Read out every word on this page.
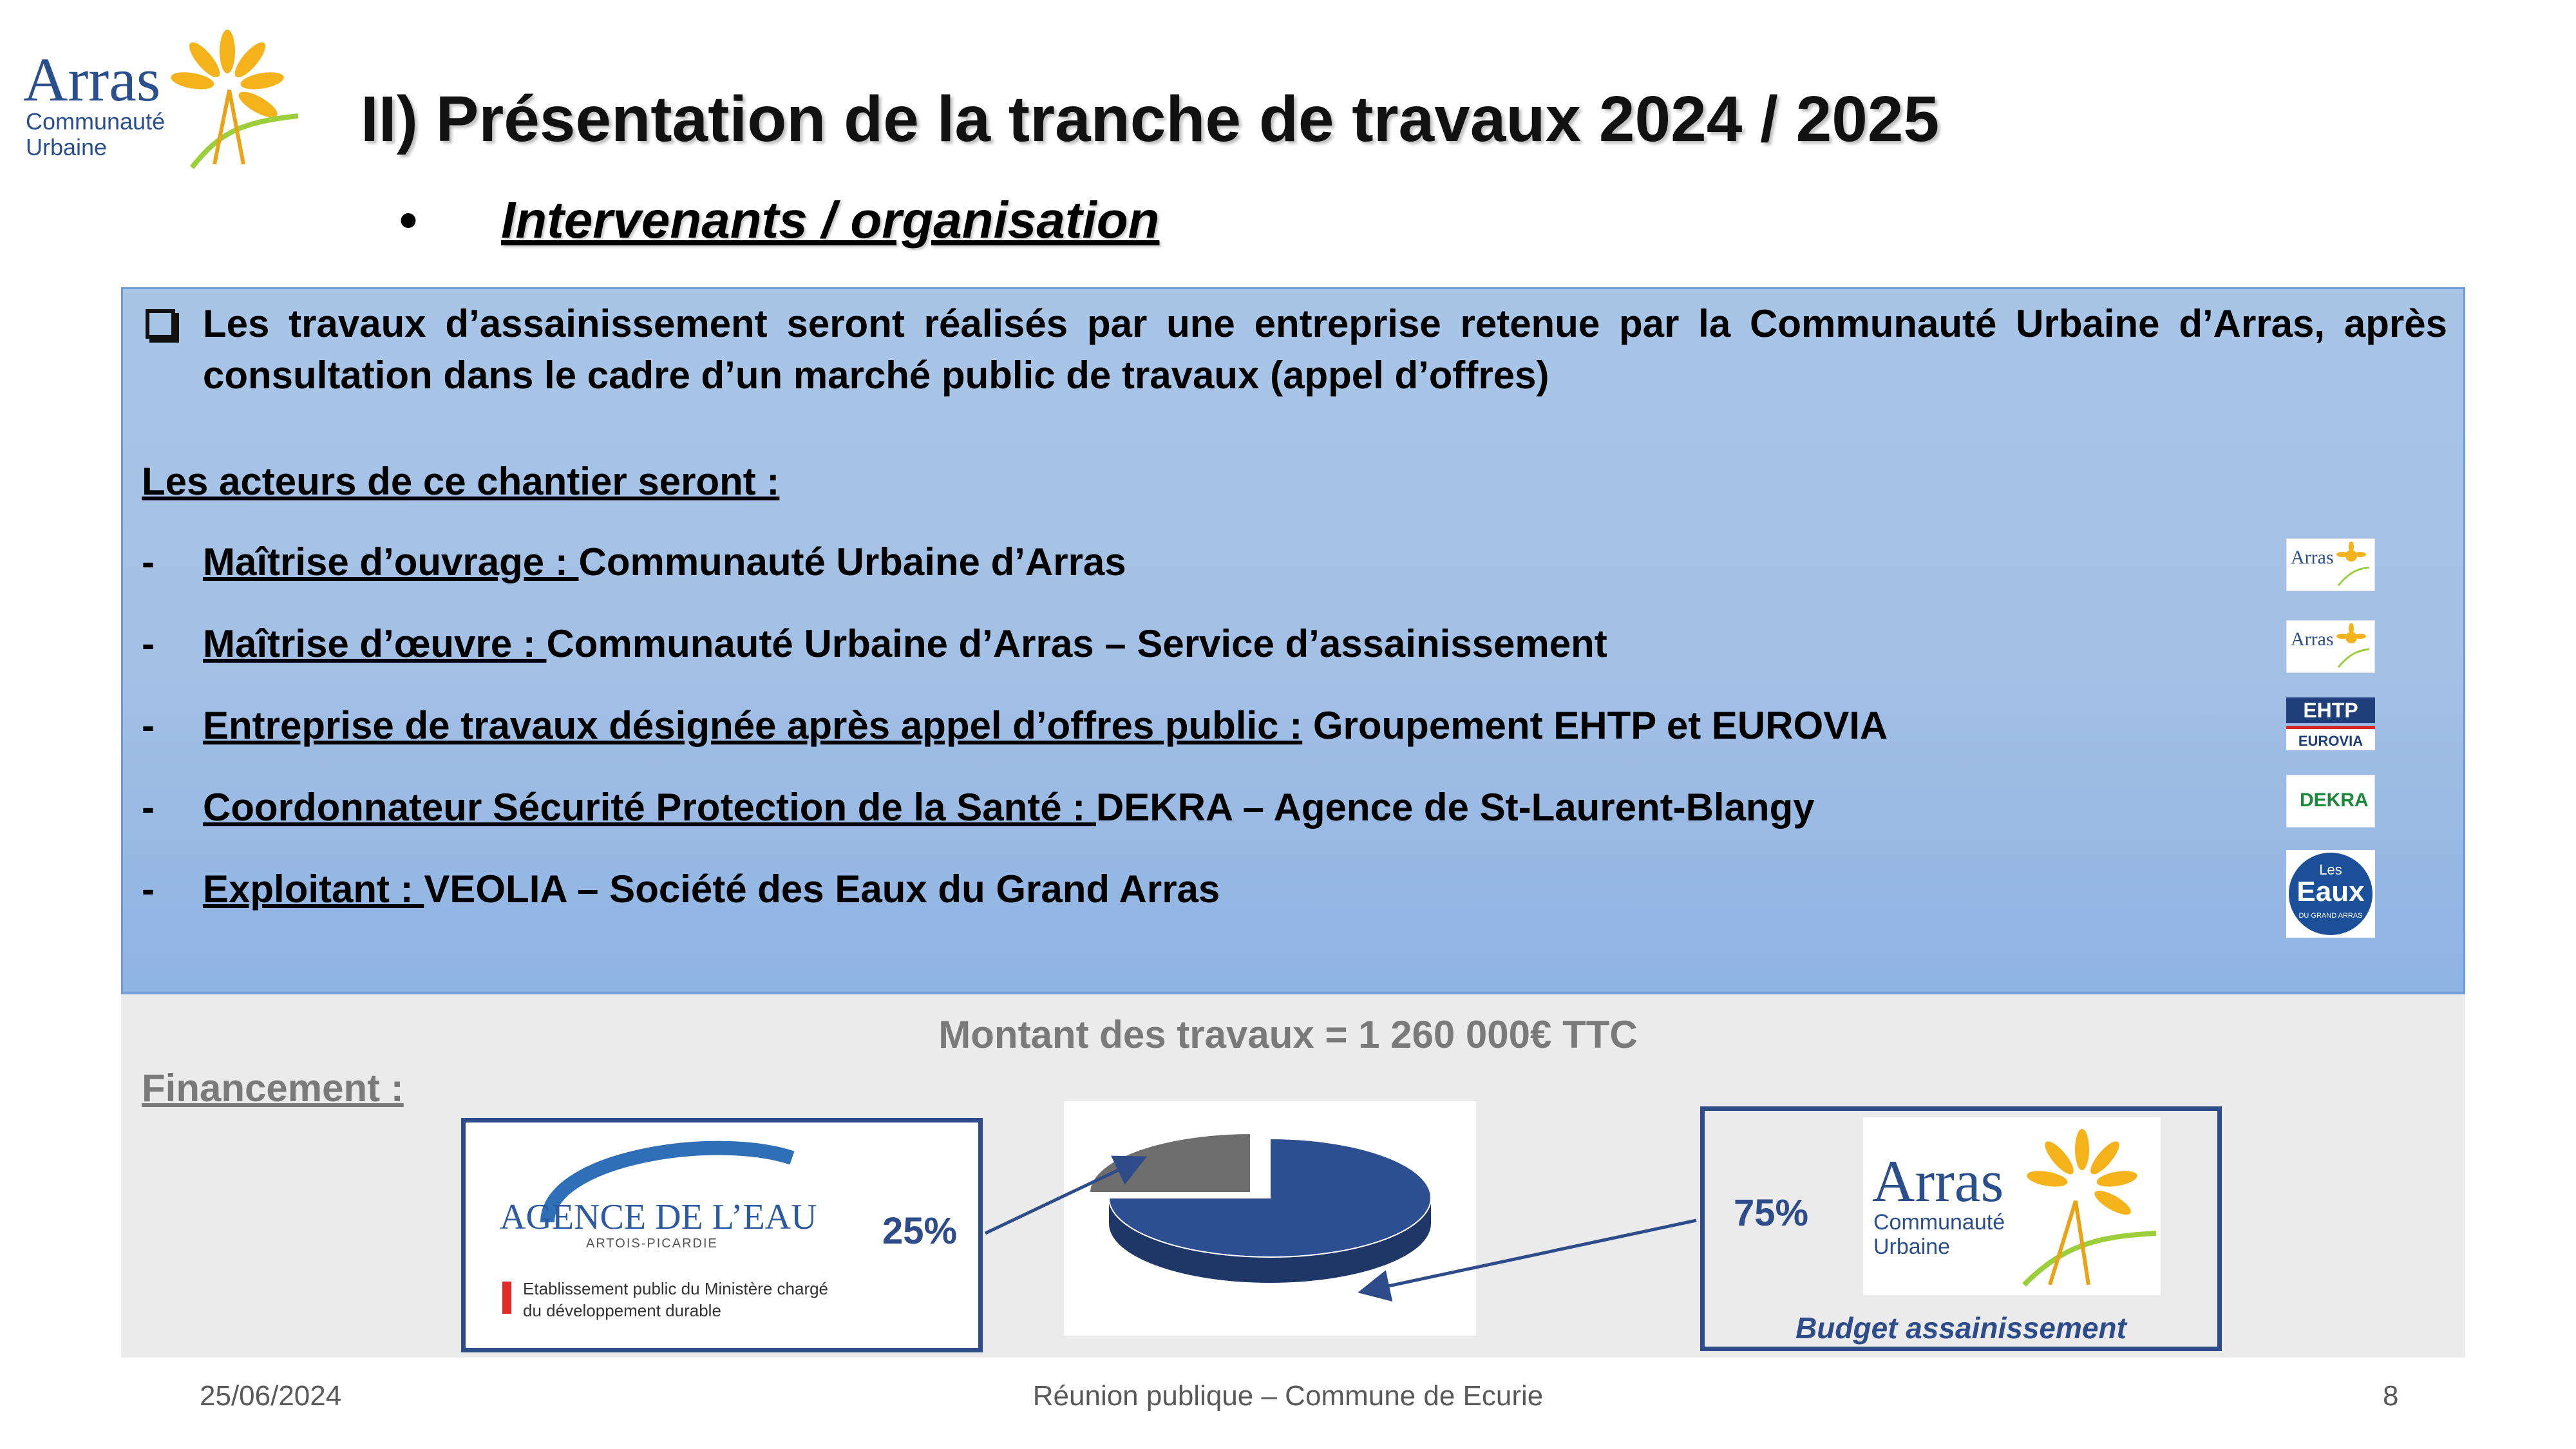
Arras
Communauté
Urbaine	II) Présentation de la tranche de travaux 2024 / 2025
• Intervenants / organisation
Les travaux d’assainissement seront réalisés par une entreprise retenue par la Communauté Urbaine d’Arras, après consultation dans le cadre d’un marché public de travaux (appel d’offres)
Les acteurs de ce chantier seront :
- Maîtrise d’ouvrage : Communauté Urbaine d’Arras
- Maîtrise d’œuvre : Communauté Urbaine d’Arras – Service d’assainissement
- Entreprise de travaux désignée après appel d’offres public : Groupement EHTP et EUROVIA
- Coordonnateur Sécurité Protection de la Santé : DEKRA – Agence de St-Laurent-Blangy
- Exploitant : VEOLIA – Société des Eaux du Grand Arras
Arras
Arras
EHTP
EUROVIA
DEKRA
Les
Eaux
DU GRAND ARRAS
Montant des travaux = 1 260 000€ TTC
Financement :
AGENCE DE L’EAU
ARTOIS-PICARDIE
Etablissement public du Ministère chargé
du développement durable
25%	75% Arras
Communauté
Urbaine
Budget assainissement
25/06/2024	Réunion publique – Commune de Ecurie	8
